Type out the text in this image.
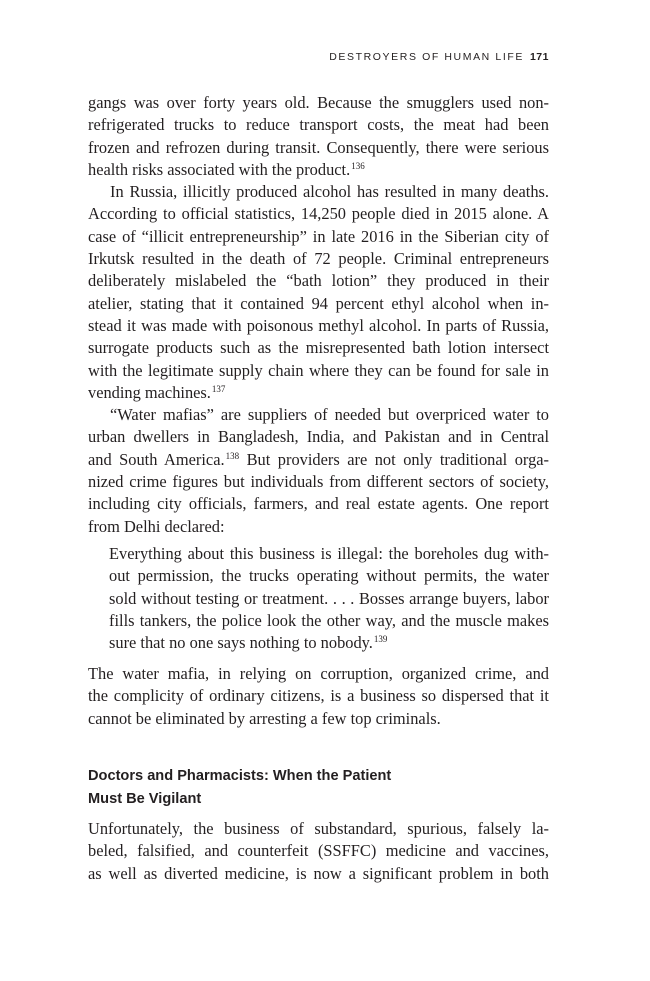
DESTROYERS OF HUMAN LIFE 171
gangs was over forty years old. Because the smugglers used non-
refrigerated trucks to reduce transport costs, the meat had been
frozen and refrozen during transit. Consequently, there were serious
health risks associated with the product.$^{136}$
In Russia, illicitly produced alcohol has resulted in many deaths.
According to official statistics, 14,250 people died in 2015 alone. A
case of “illicit entrepreneurship” in late 2016 in the Siberian city of
Irkutsk resulted in the death of 72 people. Criminal entrepreneurs
deliberately mislabeled the “bath lotion” they produced in their
atelier, stating that it contained 94 percent ethyl alcohol when in-
stead it was made with poisonous methyl alcohol. In parts of Russia,
surrogate products such as the misrepresented bath lotion intersect
with the legitimate supply chain where they can be found for sale in
vending machines.$^{137}$
“Water mafias” are suppliers of needed but overpriced water to
urban dwellers in Bangladesh, India, and Pakistan and in Central
and South America.$^{138}$ But providers are not only traditional orga-
nized crime figures but individuals from different sectors of society,
including city officials, farmers, and real estate agents. One report
from Delhi declared:
Everything about this business is illegal: the boreholes dug with-
out permission, the trucks operating without permits, the water
sold without testing or treatment. . . . Bosses arrange buyers, labor
fills tankers, the police look the other way, and the muscle makes
sure that no one says nothing to nobody.$^{139}$
The water mafia, in relying on corruption, organized crime, and
the complicity of ordinary citizens, is a business so dispersed that it
cannot be eliminated by arresting a few top criminals.
Doctors and Pharmacists: When the Patient
Must Be Vigilant
Unfortunately, the business of substandard, spurious, falsely la-
beled, falsified, and counterfeit (SSFFC) medicine and vaccines,
as well as diverted medicine, is now a significant problem in both
